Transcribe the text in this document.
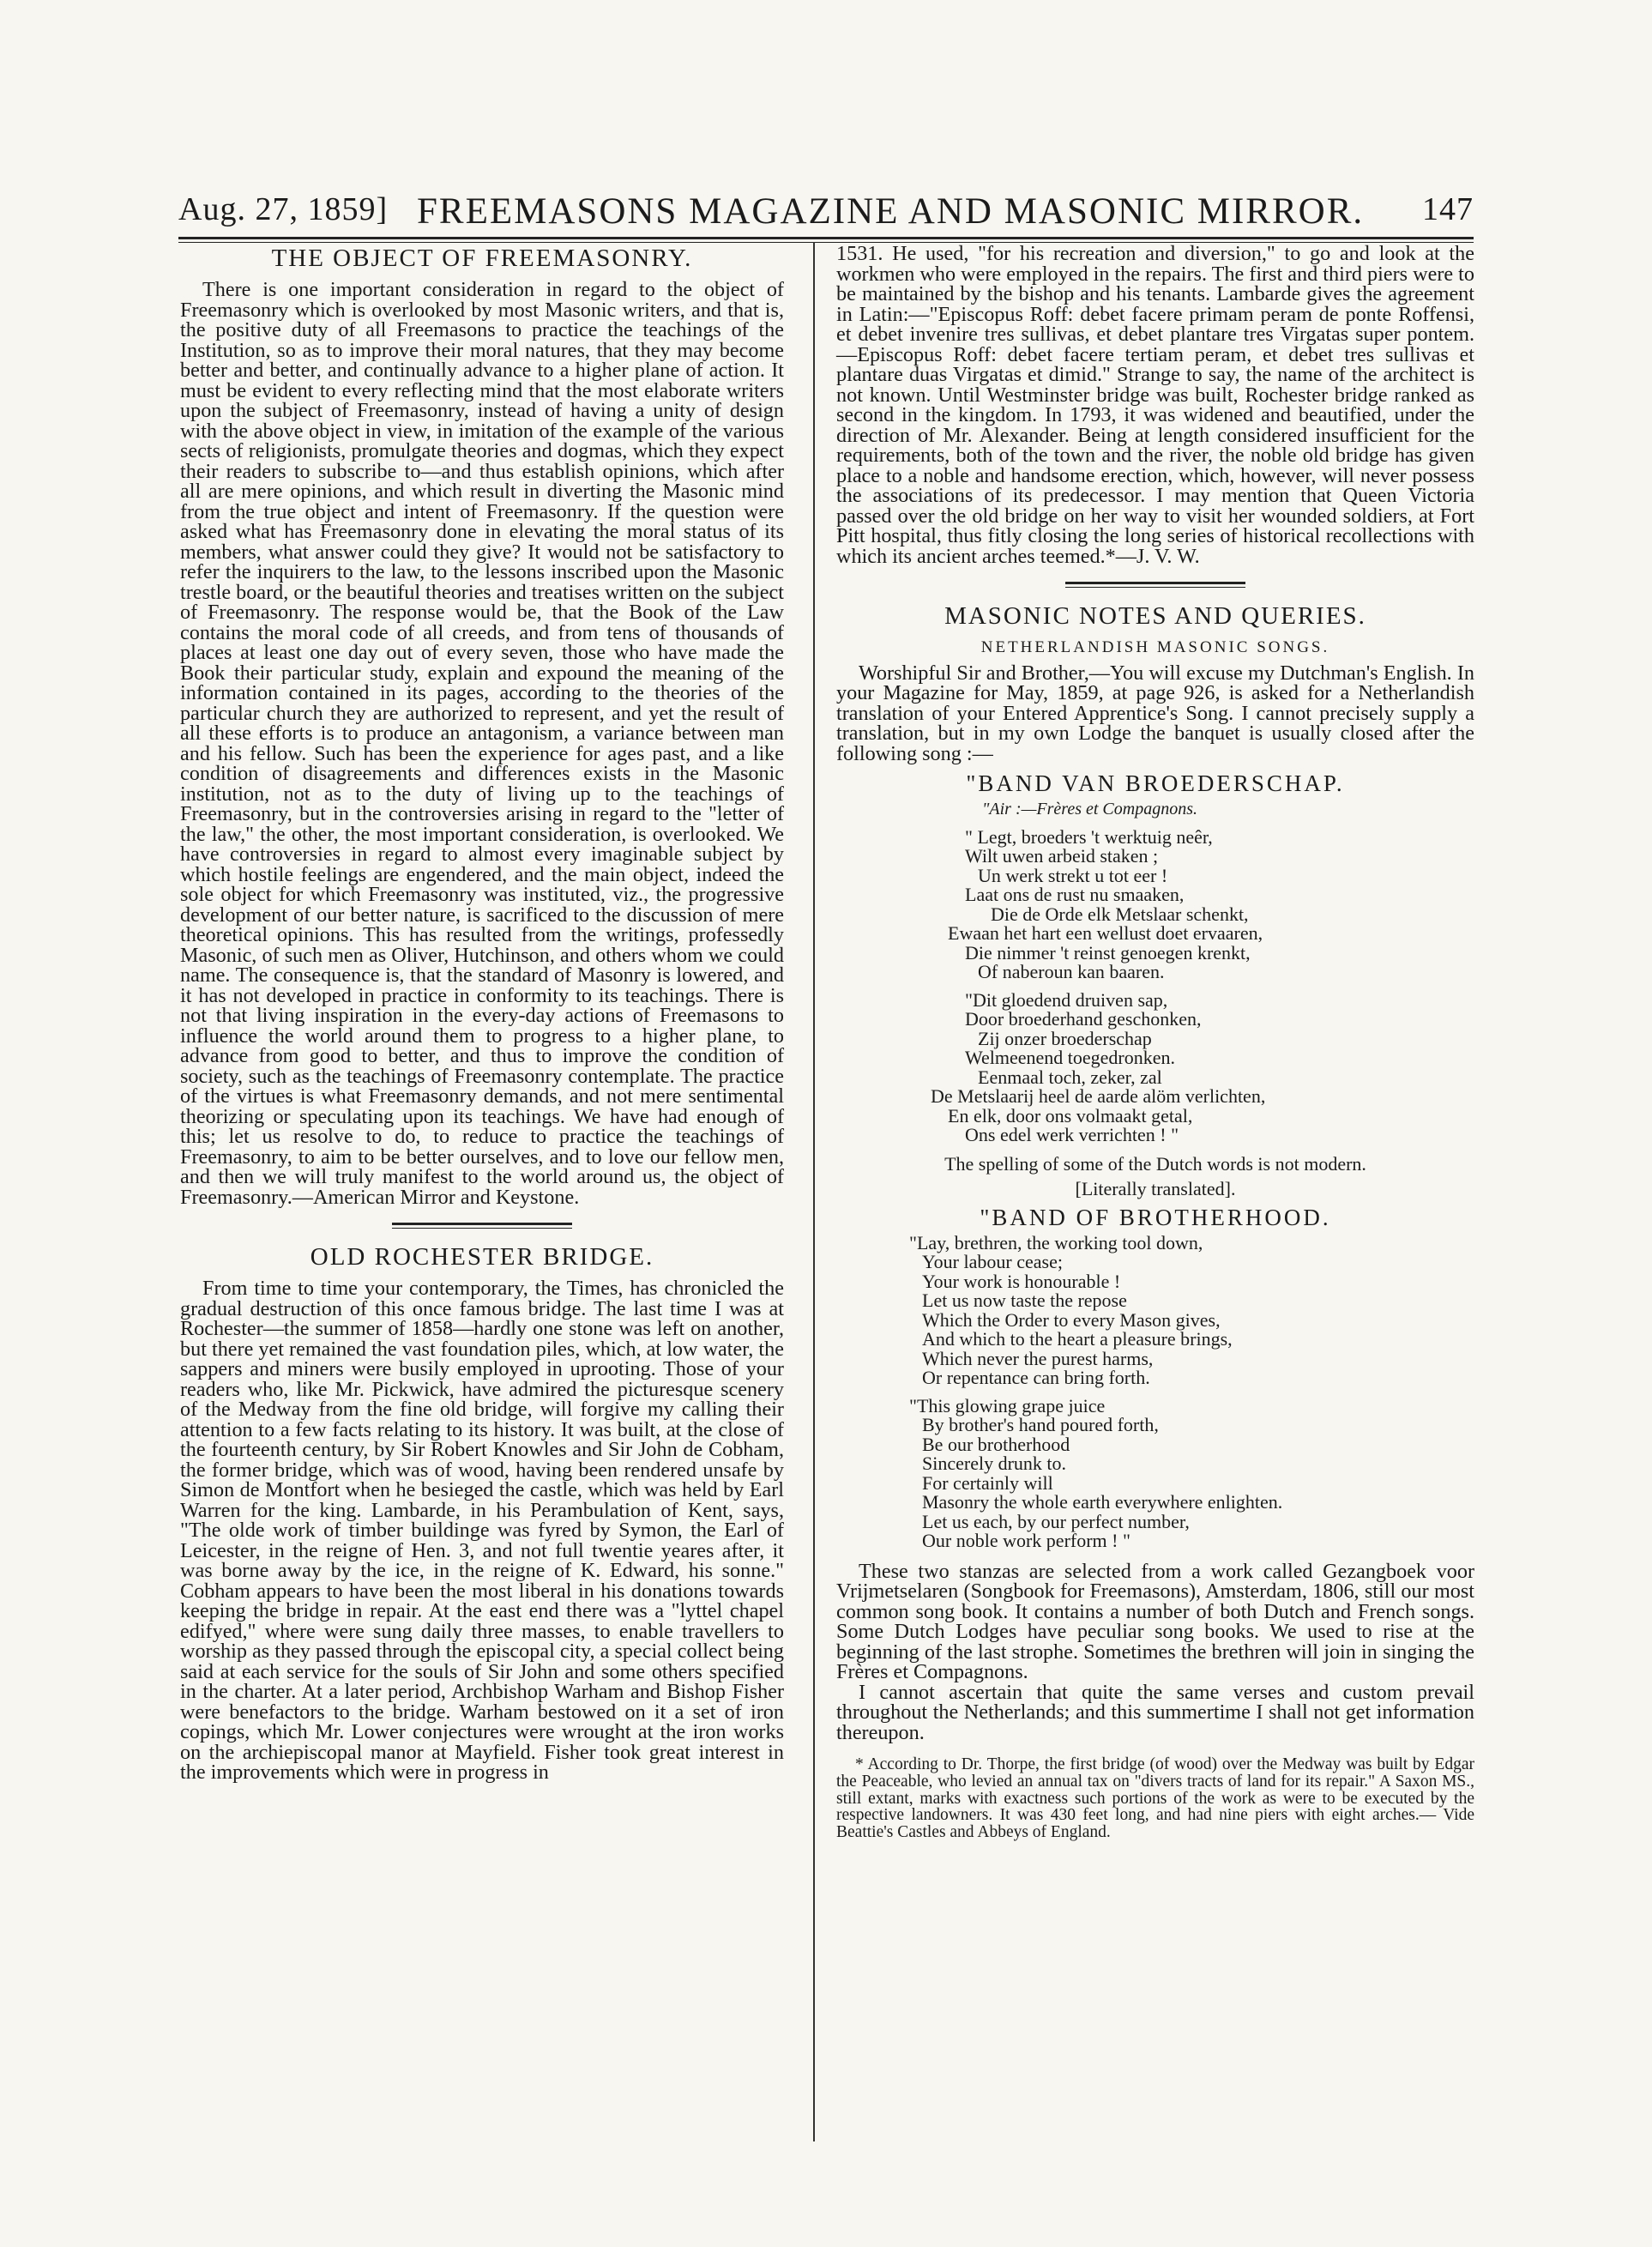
Aug. 27, 1859] FREEMASONS MAGAZINE AND MASONIC MIRROR. 147
THE OBJECT OF FREEMASONRY.

There is one important consideration in regard to the object of Freemasonry which is overlooked by most Masonic writers, and that is, the positive duty of all Freemasons to practice the teachings of the Institution, so as to improve their moral natures, that they may become better and better, and continually advance to a higher plane of action. It must be evident to every reflecting mind that the most elaborate writers upon the subject of Freemasonry, instead of having a unity of design with the above object in view, in imitation of the example of the various sects of religionists, promulgate theories and dogmas, which they expect their readers to subscribe to—and thus establish opinions, which after all are mere opinions, and which result in diverting the Masonic mind from the true object and intent of Freemasonry. If the question were asked what has Freemasonry done in elevating the moral status of its members, what answer could they give? It would not be satisfactory to refer the inquirers to the law, to the lessons inscribed upon the Masonic trestle board, or the beautiful theories and treatises written on the subject of Freemasonry. The response would be, that the Book of the Law contains the moral code of all creeds, and from tens of thousands of places at least one day out of every seven, those who have made the Book their particular study, explain and expound the meaning of the information contained in its pages, according to the theories of the particular church they are authorized to represent, and yet the result of all these efforts is to produce an antagonism, a variance between man and his fellow. Such has been the experience for ages past, and a like condition of disagreements and differences exists in the Masonic institution, not as to the duty of living up to the teachings of Freemasonry, but in the controversies arising in regard to the "letter of the law," the other, the most important consideration, is overlooked. We have controversies in regard to almost every imaginable subject by which hostile feelings are engendered, and the main object, indeed the sole object for which Freemasonry was instituted, viz., the progressive development of our better nature, is sacrificed to the discussion of mere theoretical opinions. This has resulted from the writings, professedly Masonic, of such men as Oliver, Hutchinson, and others whom we could name. The consequence is, that the standard of Masonry is lowered, and it has not developed in practice in conformity to its teachings. There is not that living inspiration in the every-day actions of Freemasons to influence the world around them to progress to a higher plane, to advance from good to better, and thus to improve the condition of society, such as the teachings of Freemasonry contemplate. The practice of the virtues is what Freemasonry demands, and not mere sentimental theorizing or speculating upon its teachings. We have had enough of this; let us resolve to do, to reduce to practice the teachings of Freemasonry, to aim to be better ourselves, and to love our fellow men, and then we will truly manifest to the world around us, the object of Freemasonry.—American Mirror and Keystone.

OLD ROCHESTER BRIDGE.

From time to time your contemporary, the Times, has chronicled the gradual destruction of this once famous bridge. The last time I was at Rochester—the summer of 1858—hardly one stone was left on another, but there yet remained the vast foundation piles, which, at low water, the sappers and miners were busily employed in uprooting. Those of your readers who, like Mr. Pickwick, have admired the picturesque scenery of the Medway from the fine old bridge, will forgive my calling their attention to a few facts relating to its history. It was built, at the close of the fourteenth century, by Sir Robert Knowles and Sir John de Cobham, the former bridge, which was of wood, having been rendered unsafe by Simon de Montfort when he besieged the castle, which was held by Earl Warren for the king. Lambarde, in his Perambulation of Kent, says, "The olde work of timber buildinge was fyred by Symon, the Earl of Leicester, in the reigne of Hen. 3, and not full twentie yeares after, it was borne away by the ice, in the reigne of K. Edward, his sonne." Cobham appears to have been the most liberal in his donations towards keeping the bridge in repair. At the east end there was a "lyttel chapel edifyed," where were sung daily three masses, to enable travellers to worship as they passed through the episcopal city, a special collect being said at each service for the souls of Sir John and some others specified in the charter. At a later period, Archbishop Warham and Bishop Fisher were benefactors to the bridge. Warham bestowed on it a set of iron copings, which Mr. Lower conjectures were wrought at the iron works on the archiepiscopal manor at Mayfield. Fisher took great interest in the improvements which were in progress in

1531. He used, "for his recreation and diversion," to go and look at the workmen who were employed in the repairs. The first and third piers were to be maintained by the bishop and his tenants. Lambarde gives the agreement in Latin:—"Episcopus Roff: debet facere primam peram de ponte Roffensi, et debet invenire tres sullivas, et debet plantare tres Virgatas super pontem. —Episcopus Roff: debet facere tertiam peram, et debet tres sullivas et plantare duas Virgatas et dimid." Strange to say, the name of the architect is not known. Until Westminster bridge was built, Rochester bridge ranked as second in the kingdom. In 1793, it was widened and beautified, under the direction of Mr. Alexander. Being at length considered insufficient for the requirements, both of the town and the river, the noble old bridge has given place to a noble and handsome erection, which, however, will never possess the associations of its predecessor. I may mention that Queen Victoria passed over the old bridge on her way to visit her wounded soldiers, at Fort Pitt hospital, thus fitly closing the long series of historical recollections with which its ancient arches teemed.*—J. V. W.

MASONIC NOTES AND QUERIES.
NETHERLANDISH MASONIC SONGS.

Worshipful Sir and Brother,—You will excuse my Dutchman's English. In your Magazine for May, 1859, at page 926, is asked for a Netherlandish translation of your Entered Apprentice's Song. I cannot precisely supply a translation, but in my own Lodge the banquet is usually closed after the following song :—

"BAND VAN BROEDERSCHAP.
"Air :—Frères et Compagnons.
" Legt, broeders 't werktuig neêr,
Wilt uwen arbeid staken ;
Un werk strekt u tot eer !
Laat ons de rust nu smaaken,
Die de Orde elk Metslaar schenkt,
Ewaan het hart een wellust doet ervaaren,
Die nimmer 't reinst genoegen krenkt,
Of naberoun kan baaren.
"Dit gloedend druiven sap,
Door broederhand geschonken,
Zij onzer broederschap
Welmeenend toegedronken.
Eenmaal toch, zeker, zal
De Metslaarij heel de aarde alöm verlichten,
En elk, door ons volmaakt getal,
Ons edel werk verrichten ! "
The spelling of some of the Dutch words is not modern.
[Literally translated].
"BAND OF BROTHERHOOD.
"Lay, brethren, the working tool down,
Your labour cease;
Your work is honourable !
Let us now taste the repose
Which the Order to every Mason gives,
And which to the heart a pleasure brings,
Which never the purest harms,
Or repentance can bring forth.
"This glowing grape juice
By brother's hand poured forth,
Be our brotherhood
Sincerely drunk to.
For certainly will
Masonry the whole earth everywhere enlighten.
Let us each, by our perfect number,
Our noble work perform ! "

These two stanzas are selected from a work called Gezangboek voor Vrijmetselaren (Songbook for Freemasons), Amsterdam, 1806, still our most common song book. It contains a number of both Dutch and French songs. Some Dutch Lodges have peculiar song books. We used to rise at the beginning of the last strophe. Sometimes the brethren will join in singing the Frères et Compagnons.

I cannot ascertain that quite the same verses and custom prevail throughout the Netherlands; and this summertime I shall not get information thereupon.

* According to Dr. Thorpe, the first bridge (of wood) over the Medway was built by Edgar the Peaceable, who levied an annual tax on "divers tracts of land for its repair." A Saxon MS., still extant, marks with exactness such portions of the work as were to be executed by the respective landowners. It was 430 feet long, and had nine piers with eight arches.— Vide Beattie's Castles and Abbeys of England.
